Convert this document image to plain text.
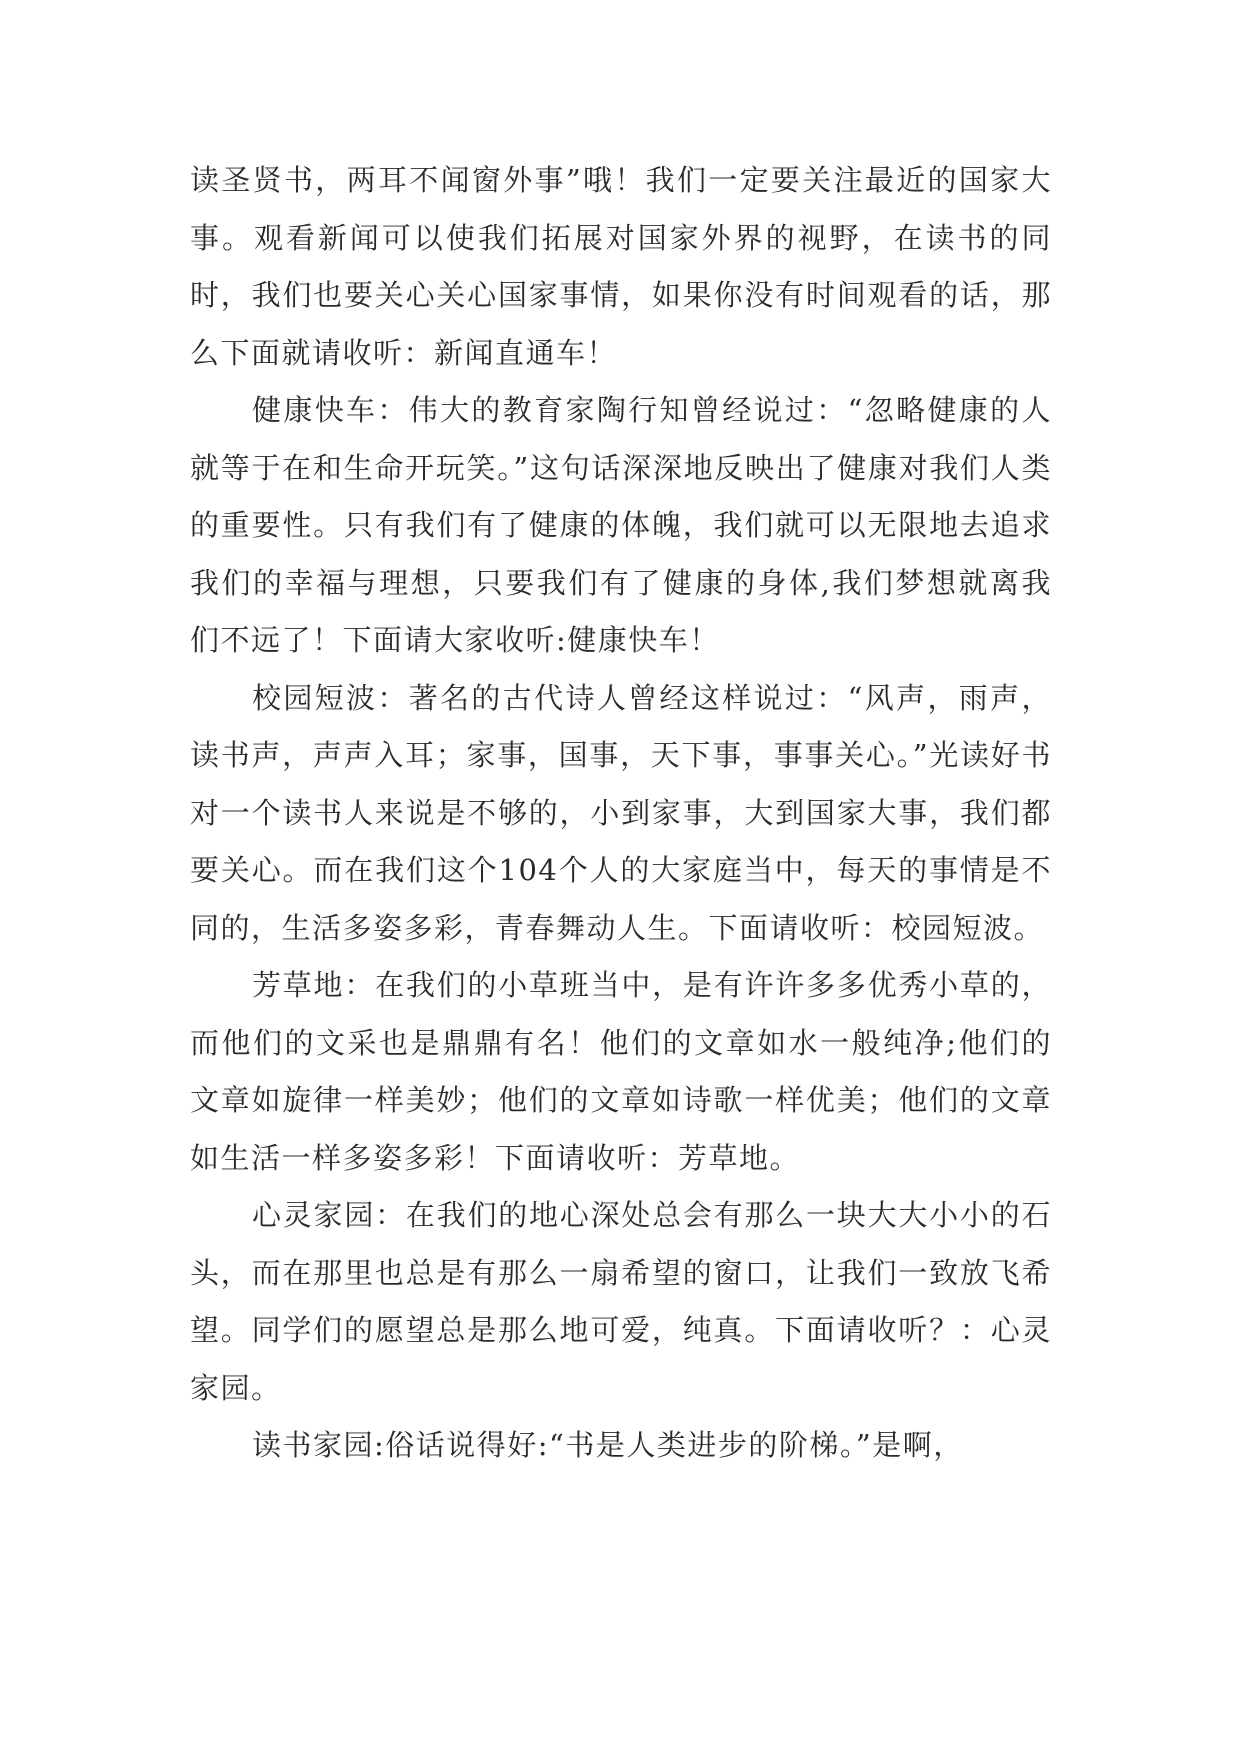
读圣贤书，两耳不闻窗外事”哦！我们一定要关注最近的国家大事。观看新闻可以使我们拓展对国家外界的视野，在读书的同时，我们也要关心关心国家事情，如果你没有时间观看的话，那么下面就请收听：新闻直通车！

健康快车：伟大的教育家陶行知曾经说过：“忽略健康的人就等于在和生命开玩笑。”这句话深深地反映出了健康对我们人类的重要性。只有我们有了健康的体魄，我们就可以无限地去追求我们的幸福与理想，只要我们有了健康的身体,我们梦想就离我们不远了！下面请大家收听:健康快车！

校园短波：著名的古代诗人曾经这样说过：“风声，雨声，读书声，声声入耳；家事，国事，天下事，事事关心。”光读好书对一个读书人来说是不够的，小到家事，大到国家大事，我们都要关心。而在我们这个104个人的大家庭当中，每天的事情是不同的，生活多姿多彩，青春舞动人生。下面请收听：校园短波。

芳草地：在我们的小草班当中，是有许许多多优秀小草的，而他们的文采也是鼎鼎有名！他们的文章如水一般纯净;他们的文章如旋律一样美妙；他们的文章如诗歌一样优美；他们的文章如生活一样多姿多彩！下面请收听：芳草地。

心灵家园：在我们的地心深处总会有那么一块大大小小的石头，而在那里也总是有那么一扇希望的窗口，让我们一致放飞希望。同学们的愿望总是那么地可爱，纯真。下面请收听？：心灵家园。

读书家园:俗话说得好:“书是人类进步的阶梯。”是啊，
